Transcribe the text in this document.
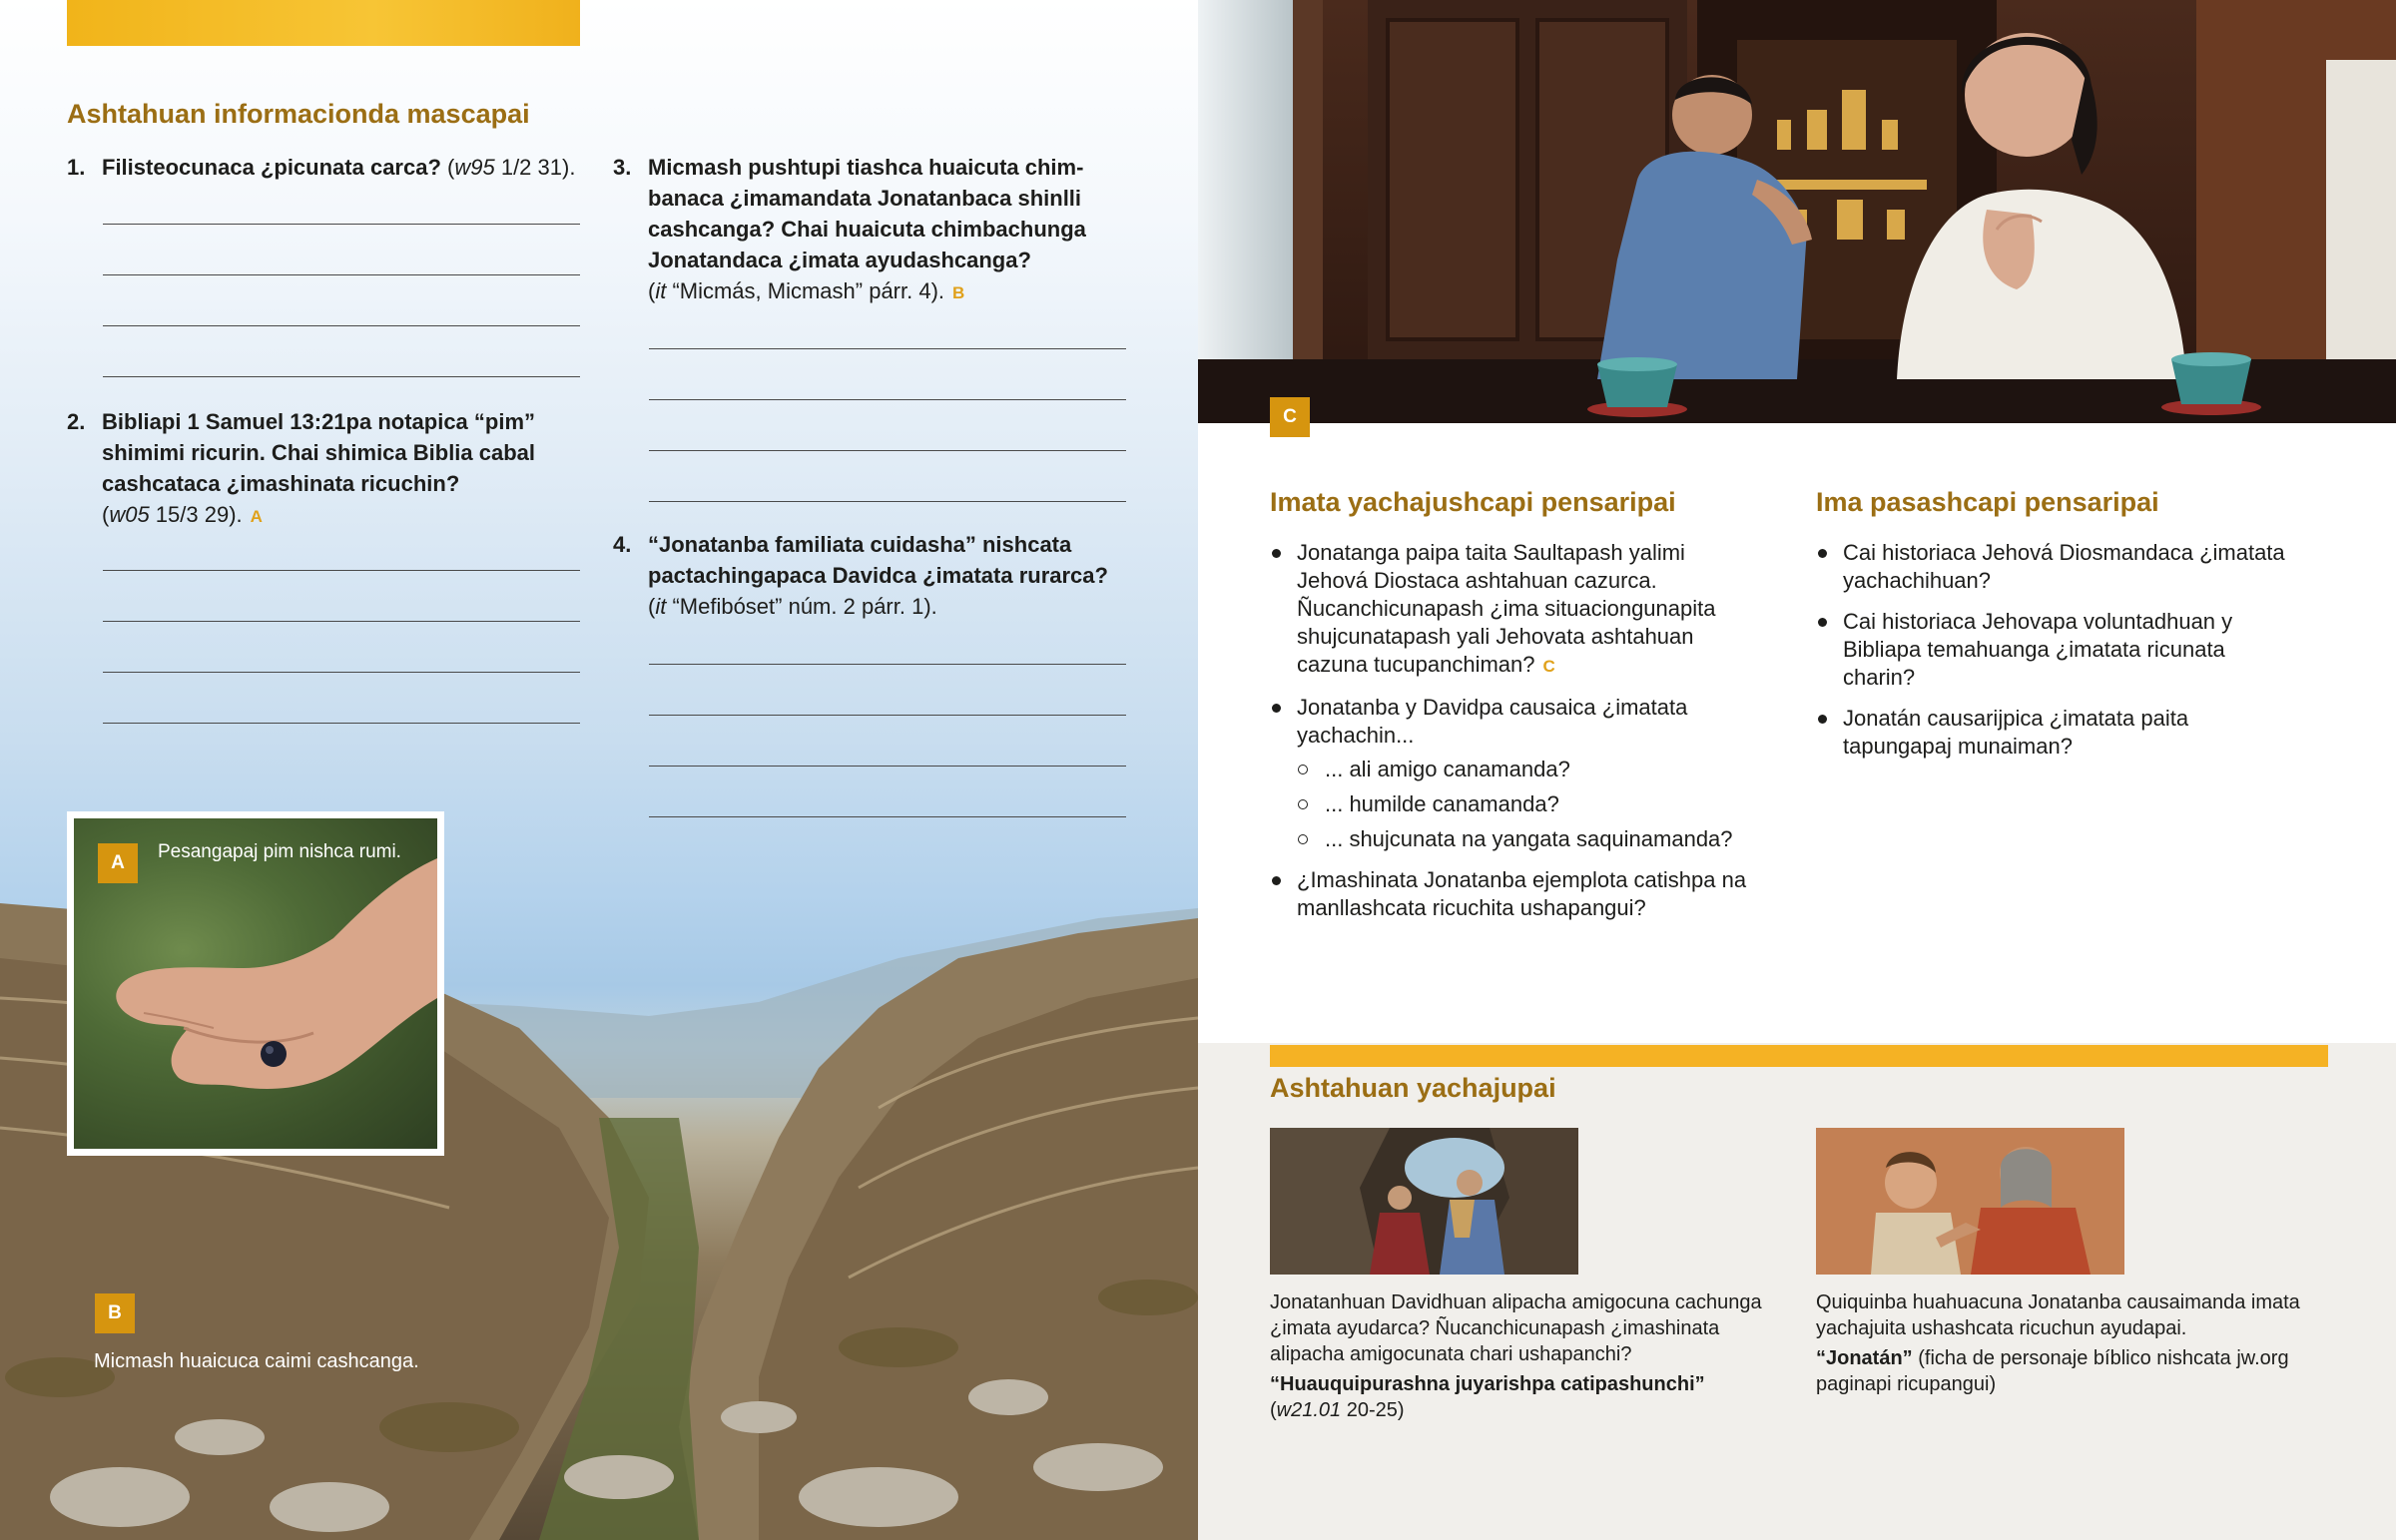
Ashtahuan informacionda mascapai
1. Filisteocunaca ¿picunata carca? (w95 1/2 31).
2. Bibliapi 1 Samuel 13:21pa notapica “pim” shimimi ricurin. Chai shimica Biblia cabal cashcataca ¿imashinata ricuchin?
(w05 15/3 29). A
3. Micmash pushtupi tiashca huaicuta chimbanaca ¿imamandata Jonatanbaca shinlli cashcanga? Chai huaicuta chimbachunga Jonatandaca ¿imata ayudashcanga?
(it “Micmás, Micmash” párr. 4). B
4. “Jonatanba familiata cuidasha” nishcata pactachingapaca Davidca ¿imatata rurarca?
(it “Mefibóset” núm. 2 párr. 1).
A
Pesangapaj pim nishca rumi.
B
Micmash huaicuca caimi cashcanga.
C
Imata yachajushcapi pensaripai
Jonatanga paipa taita Saultapash yalimi Jehová Diostaca ashtahuan cazurca. Ñucanchicunapash ¿ima situaciongunapita shujcunatapash yali Jehovata ashtahuan cazuna tucupanchiman? C
Jonatanba y Davidpa causaica ¿imatata yachachin...
... ali amigo canamanda?
... humilde canamanda?
... shujcunata na yangata saquinamanda?
¿Imashinata Jonatanba ejemplota catishpa na manllashcata ricuchita ushapangui?
Ima pasashcapi pensaripai
Cai historiaca Jehová Diosmandaca ¿imatata yachachihuan?
Cai historiaca Jehovapa voluntadhuan y Bibliapa temahuanga ¿imatata ricunata charin?
Jonatán causarijpica ¿imatata paita tapungapaj munaiman?
Ashtahuan yachajupai
Jonatanhuan Davidhuan alipacha amigocuna cachunga ¿imata ayudarca? Ñucanchicunapash ¿imashinata alipacha amigocunata chari ushapanchi?
“Huauquipurashna juyarishpa catipashunchi”
(w21.01 20-25)
Quiquinba huahuacuna Jonatanba causaimanda imata yachajuita ushashcata ricuchun ayudapai.
“Jonatán” (ficha de personaje bíblico nishcata jw.org paginapi ricupangui)
